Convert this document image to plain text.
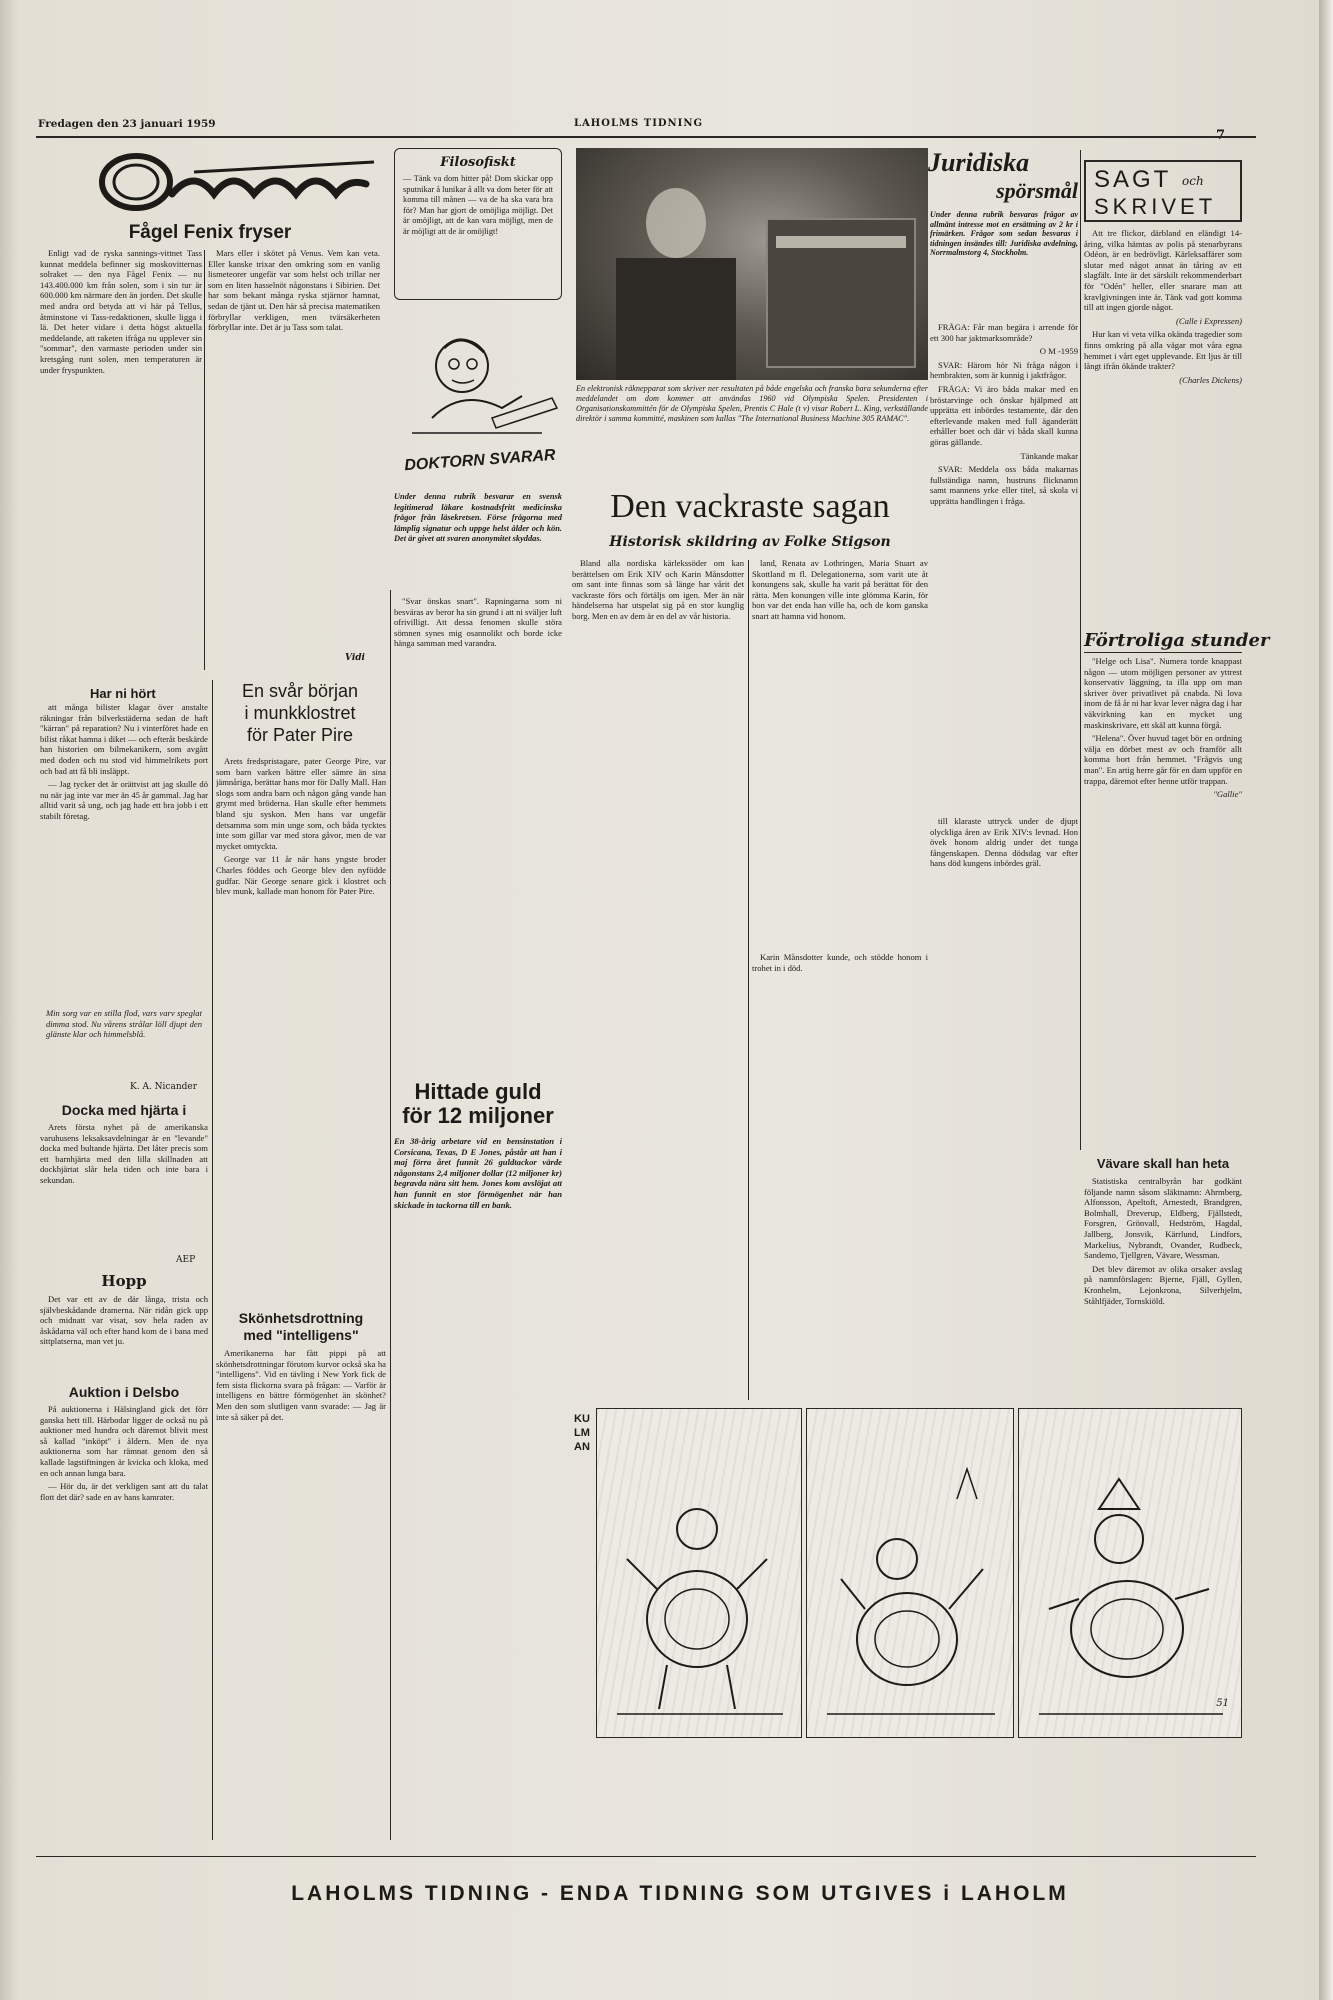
Fredagen den 23 januari 1959	LAHOLMS TIDNING
Fågel Fenix fryser

Enligt vad de ryska sannings-vittnet Tass kunnat meddela befinner sig moskovitternas solraket — den nya Fågel Fenix — nu 143.400.000 km från solen, som i sin tur är 600.000 km närmare den än jorden. Det skulle med andra ord betyda att vi här på Tellus, åtminstone vi Tass-redaktionen, skulle ligga i lä. Det heter vidare i detta högst aktuella meddelande, att raketen ifråga nu upplever sin "sommar", den varmaste perioden under sin kretsgång runt solen, men temperaturen är under fryspunkten.

Mars eller i skötet på Venus. Vem kan veta. Eller kanske trixar den omkring som en vanlig lismeteorer ungefär var som helst och trillar ner som en liten hasselnöt någonstans i Sibirien. Det har som bekant många ryska stjärnor hamnat, sedan de tjänt ut. Den här så precisa matematiken förbryllar verkligen, men tvärsäkerheten förbryllar inte. Det är ju Tass som talat.

Vidi
Filosofiskt
— Tänk va dom hitter på! Dom skickar opp sputnikar å lunikar å allt va dom heter för att komma till månen — va de ha ska vara bra för? Man har gjort de omöjliga möjligt. Det är omöjligt, att de kan vara möjligt, men de är möjligt att de är omöjligt!
DOKTORN SVARAR
Under denna rubrik besvarar en svensk legitimerad läkare kostnadsfritt medicinska frågor från läsekretsen. Förse frågorna med lämplig signatur och uppge helst ålder och kön. Det är givet att svaren anonymitet skyddas.

"Svar önskas snart". Rapningarna som ni besväras av beror ha sin grund i att ni sväljer luft ofrivilligt. Att dessa fenomen skulle störa sömnen synes mig osannolikt och borde icke hänga samman med varandra.

En elektronisk räknepparat som skriver ner resultaten på både engelska och franska bara sekunderna efter meddelandet om dom kommer att användas 1960 vid Olympiska Spelen. Presidenten i Organisationskommittén för de Olympiska Spelen, Prentis C Hale (t v) visar Robert L. King, verkställande direktör i samma kommitté, maskinen som kallas "The International Business Machine 305 RAMAC".
Juridiska
spörsmål
Under denna rubrik besvaras frågor av allmänt intresse mot en ersättning av 2 kr i frimärken. Frågor som sedan besvaras i tidningen insändes till: Juridiska avdelning, Norrmalmstorg 4, Stockholm.

FRÅGA: Får man begära i arrende för ett 300 har jaktmarksområde?

O M -1959

SVAR: Härom hör Ni fråga någon i hembrakten, som är kunnig i jaktfrågor.

FRÅGA: Vi äro båda makar med en bröstarvinge och önskar hjälpmed att upprätta ett inbördes testamente, där den efterlevande maken med full äganderätt erhåller boet och där vi båda skall kunna göras gällande.

Tänkande makar

SVAR: Meddela oss båda makarnas fullständiga namn, hustruns flicknamn samt mannens yrke eller titel, så skola vi upprätta handlingen i fråga.

SAGT och
SKRIVET

Att tre flickor, därbland en eländigt 14-åring, vilka hämtas av polis på stenarbyrans Odéon, är en bedrövligt. Kärleksaffärer som slutar med något annat än tåring av ett slagfält. Inte är det särskilt rekommenderbart för "Odén" heller, eller snarare man att kravlgivningen inte är. Tänk vad gott komma till att ingen gjorde något.

(Calle i Expressen)

Hur kan vi veta vilka okända tragedier som finns omkring på alla vägar mot våra egna hemmet i vårt eget upplevande. Ett ljus är till långt ifrån ökände trakter?

(Charles Dickens)

Förtroliga stunder

"Helge och Lisa". Numera torde knappast någon — utom möjligen personer av yttrest konservativ läggning, ta illa upp om man skriver över privatlivet på cnabda. Ni lova inom de få år ni har kvar lever några dag i har väkvirkning kan en mycket ung maskinskrivare, ett skäl att kunna förgå.

"Helena". Över huvud taget bör en ordning välja en dörbet mest av och framför allt komma bort från hemmet. "Frågvis ung man". En artig herre går för en dam uppför en trappa, däremot efter henne utför trappan.

"Gallie"

Vävare skall han heta

Statistiska centralbyrån har godkänt följande namn såsom släktnamn: Ahrmberg, Alfonsson, Apeltoft, Arnestedt, Brandgren, Bolmhall, Dreverup, Eldberg, Fjällstedt, Forsgren, Grönvall, Hedström, Hagdal, Jallberg, Jonsvik, Kärrlund, Lindfors, Markelius, Nybrandt, Ovander, Rudbeck, Sandemo, Tjellgren, Vävare, Wessman.

Det blev däremot av olika orsaker avslag på namnförslagen: Bjerne, Fjäll, Gyllen, Kronhelm, Lejonkrona, Silverhjelm, Ståhlfjäder, Tornskiöld.

Har ni hört

att många bilister klagar över anstalte räkningar från bilverkstäderna sedan de haft "kärran" på reparation? Nu i vinterföret hade en bilist råkat hamna i diket — och efteråt beskärde han historien om bilmekanikern, som avgått med doden och nu stod vid himmelrikets port och bad att få bli insläppt.

— Jag tycker det är orättvist att jag skulle dö nu när jag inte var mer än 45 år gammal. Jag har alltid varit så ung, och jag hade ett bra jobb i ett stabilt företag.

Min sorg var en stilla flod, vars varv speglat dimma stod. Nu vårens strålar löll djupt den glänste klar och himmelsblå.
K. A. Nicander
Docka med hjärta i

Arets första nyhet på de amerikanska varuhusens leksaksavdelningar är en "levande" docka med bultande hjärta. Det låter precis som ett barnhjärta med den lilla skillnaden att dockhjärtat slår hela tiden och inte bara i sekundan.

AEP
Hopp

Det var ett av de där långa, trista och självbeskådande dramerna. När ridån gick upp och midnatt var visat, sov hela raden av åskådarna väl och efter hand kom de i bana med sittplatserna, man vet ju.

Auktion i Delsbo

På auktionerna i Hälsingland gick det förr ganska hett till. Härbodar ligger de också nu på auktioner med hundra och däremot blivit mest så kallad "inköpt" i åldern. Men de nya auktionerna som har rämnat genom den så kallade lagstiftningen är kvicka och kloka, med en och annan lunga bara.

— Hör du, är det verkligen sant att du talat flott det där? sade en av hans kamrater.

En svår början
i munkklostret
för Pater Pire

Arets fredspristagare, pater George Pire, var som barn varken bättre eller sämre än sina jämnåriga, berättar hans mor för Dally Mall. Han slogs som andra barn och någon gång vande han grymt med bröderna. Han skulle efter hemmets bland sju syskon. Men hans var ungefär detsamma som min unge som, och båda tycktes inte som gillar var med stora gåvor, men de var mycket omtyckta.

George var 11 år när hans yngste broder Charles föddes och George blev den nyfödde gudfar. När George senare gick i klostret och blev munk, kallade man honom för Pater Pire.

Skönhetsdrottning
med "intelligens"

Amerikanerna har fått pippi på att skönhetsdrottningar förutom kurvor också ska ha "intelligens". Vid en tävling i New York fick de fem sista flickorna svara på frågan: — Varför är intelligens en bättre förmögenhet än skönhet? Men den som slutligen vann svarade: — Jag är inte så säker på det.

Hittade guld
för 12 miljoner
En 38-årig arbetare vid en bensinstation i Corsicana, Texas, D E Jones, påstår att han i maj förra året funnit 26 guldtackor värde någonstans 2,4 miljoner dollar (12 miljoner kr) begravda nära sitt hem. Jones kom avslöjat att han funnit en stor förmögenhet när han skickade in tackorna till en bank.
Den vackraste sagan
Historisk skildring av Folke Stigson

Bland alla nordiska kärlekssöder om kan berättelsen om Erik XIV och Karin Månsdotter om sant inte finnas som så länge har vårit det vackraste förs och förtäljs om igen. Mer än när händelserna har utspelat sig på en stor kunglig borg. Men en av dem är en del av vår historia.

land, Renata av Lothringen, Maria Stuart av Skottland m fl. Delegationerna, som varit ute åt konungens sak, skulle ha varit på berättat för den rätta. Men konungen ville inte glömma Karin, för hon var det enda han ville ha, och de kom ganska snart att hamna vid honom.

till klaraste uttryck under de djupt olyckliga åren av Erik XIV:s levnad. Hon övek honom aldrig under det tunga fångenskapen. Denna dödsdag var efter hans död kungens inbördes gräl.

Karin Månsdotter kunde, och stödde honom i trohet in i död.

KULMAN
51
LAHOLMS TIDNING - ENDA TIDNING SOM UTGIVES i LAHOLM
